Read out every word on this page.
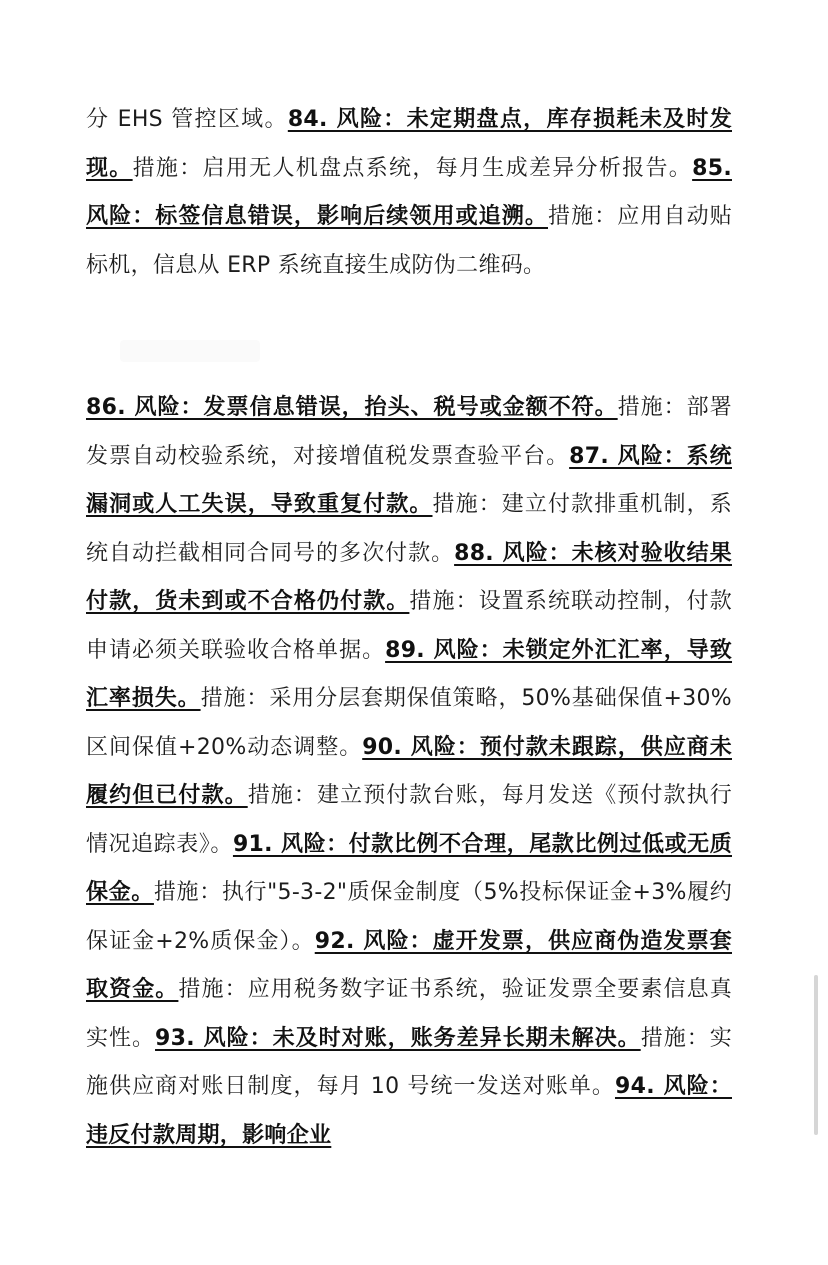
分 EHS 管控区域。84. 风险：未定期盘点，库存损耗未及时发现。措施：启用无人机盘点系统，每月生成差异分析报告。85. 风险：标签信息错误，影响后续领用或追溯。措施：应用自动贴标机，信息从 ERP 系统直接生成防伪二维码。

86. 风险：发票信息错误，抬头、税号或金额不符。措施：部署发票自动校验系统，对接增值税发票查验平台。87. 风险：系统漏洞或人工失误，导致重复付款。措施：建立付款排重机制，系统自动拦截相同合同号的多次付款。88. 风险：未核对验收结果付款，货未到或不合格仍付款。措施：设置系统联动控制，付款申请必须关联验收合格单据。89. 风险：未锁定外汇汇率，导致汇率损失。措施：采用分层套期保值策略，50%基础保值+30%区间保值+20%动态调整。90. 风险：预付款未跟踪，供应商未履约但已付款。措施：建立预付款台账，每月发送《预付款执行情况追踪表》。91. 风险：付款比例不合理，尾款比例过低或无质保金。措施：执行"5-3-2"质保金制度（5%投标保证金+3%履约保证金+2%质保金）。92. 风险：虚开发票，供应商伪造发票套取资金。措施：应用税务数字证书系统，验证发票全要素信息真实性。93. 风险：未及时对账，账务差异长期未解决。措施：实施供应商对账日制度，每月 10 号统一发送对账单。94. 风险：违反付款周期，影响企业
